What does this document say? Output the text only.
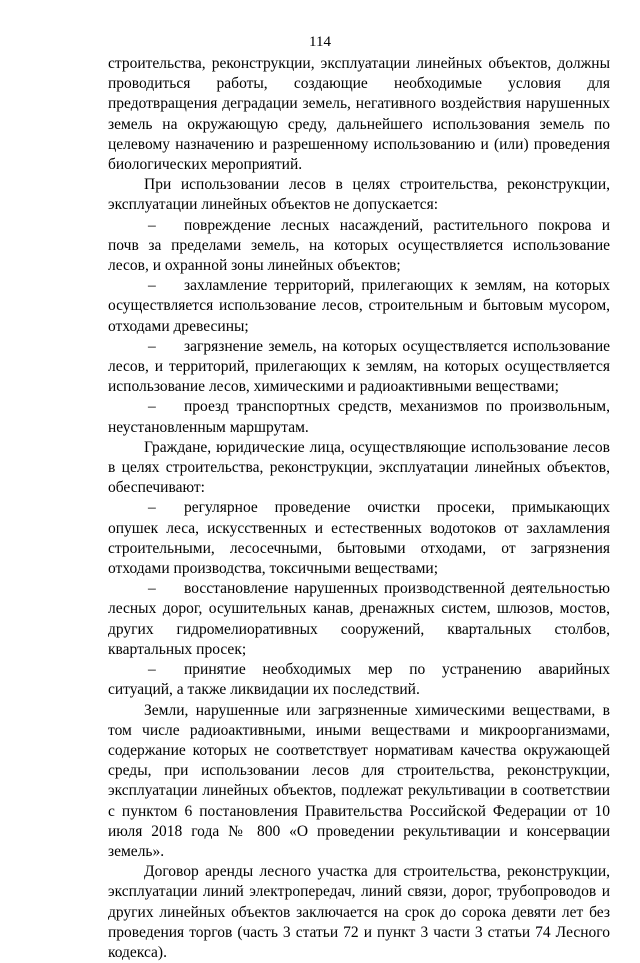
114

строительства, реконструкции, эксплуатации линейных объектов, должны проводиться работы, создающие необходимые условия для предотвращения деградации земель, негативного воздействия нарушенных земель на окружающую среду, дальнейшего использования земель по целевому назначению и разрешенному использованию и (или) проведения биологических мероприятий.

При использовании лесов в целях строительства, реконструкции, эксплуатации линейных объектов не допускается:

– повреждение лесных насаждений, растительного покрова и почв за пределами земель, на которых осуществляется использование лесов, и охранной зоны линейных объектов;

– захламление территорий, прилегающих к землям, на которых осуществляется использование лесов, строительным и бытовым мусором, отходами древесины;

– загрязнение земель, на которых осуществляется использование лесов, и территорий, прилегающих к землям, на которых осуществляется использование лесов, химическими и радиоактивными веществами;

– проезд транспортных средств, механизмов по произвольным, неустановленным маршрутам.

Граждане, юридические лица, осуществляющие использование лесов в целях строительства, реконструкции, эксплуатации линейных объектов, обеспечивают:

– регулярное проведение очистки просеки, примыкающих опушек леса, искусственных и естественных водотоков от захламления строительными, лесосечными, бытовыми отходами, от загрязнения отходами производства, токсичными веществами;

– восстановление нарушенных производственной деятельностью лесных дорог, осушительных канав, дренажных систем, шлюзов, мостов, других гидромелиоративных сооружений, квартальных столбов, квартальных просек;

– принятие необходимых мер по устранению аварийных ситуаций, а также ликвидации их последствий.

Земли, нарушенные или загрязненные химическими веществами, в том числе радиоактивными, иными веществами и микроорганизмами, содержание которых не соответствует нормативам качества окружающей среды, при использовании лесов для строительства, реконструкции, эксплуатации линейных объектов, подлежат рекультивации в соответствии с пунктом 6 постановления Правительства Российской Федерации от 10 июля 2018 года № 800 «О проведении рекультивации и консервации земель».

Договор аренды лесного участка для строительства, реконструкции, эксплуатации линий электропередач, линий связи, дорог, трубопроводов и других линейных объектов заключается на срок до сорока девяти лет без проведения торгов (часть 3 статьи 72 и пункт 3 части 3 статьи 74 Лесного кодекса).
